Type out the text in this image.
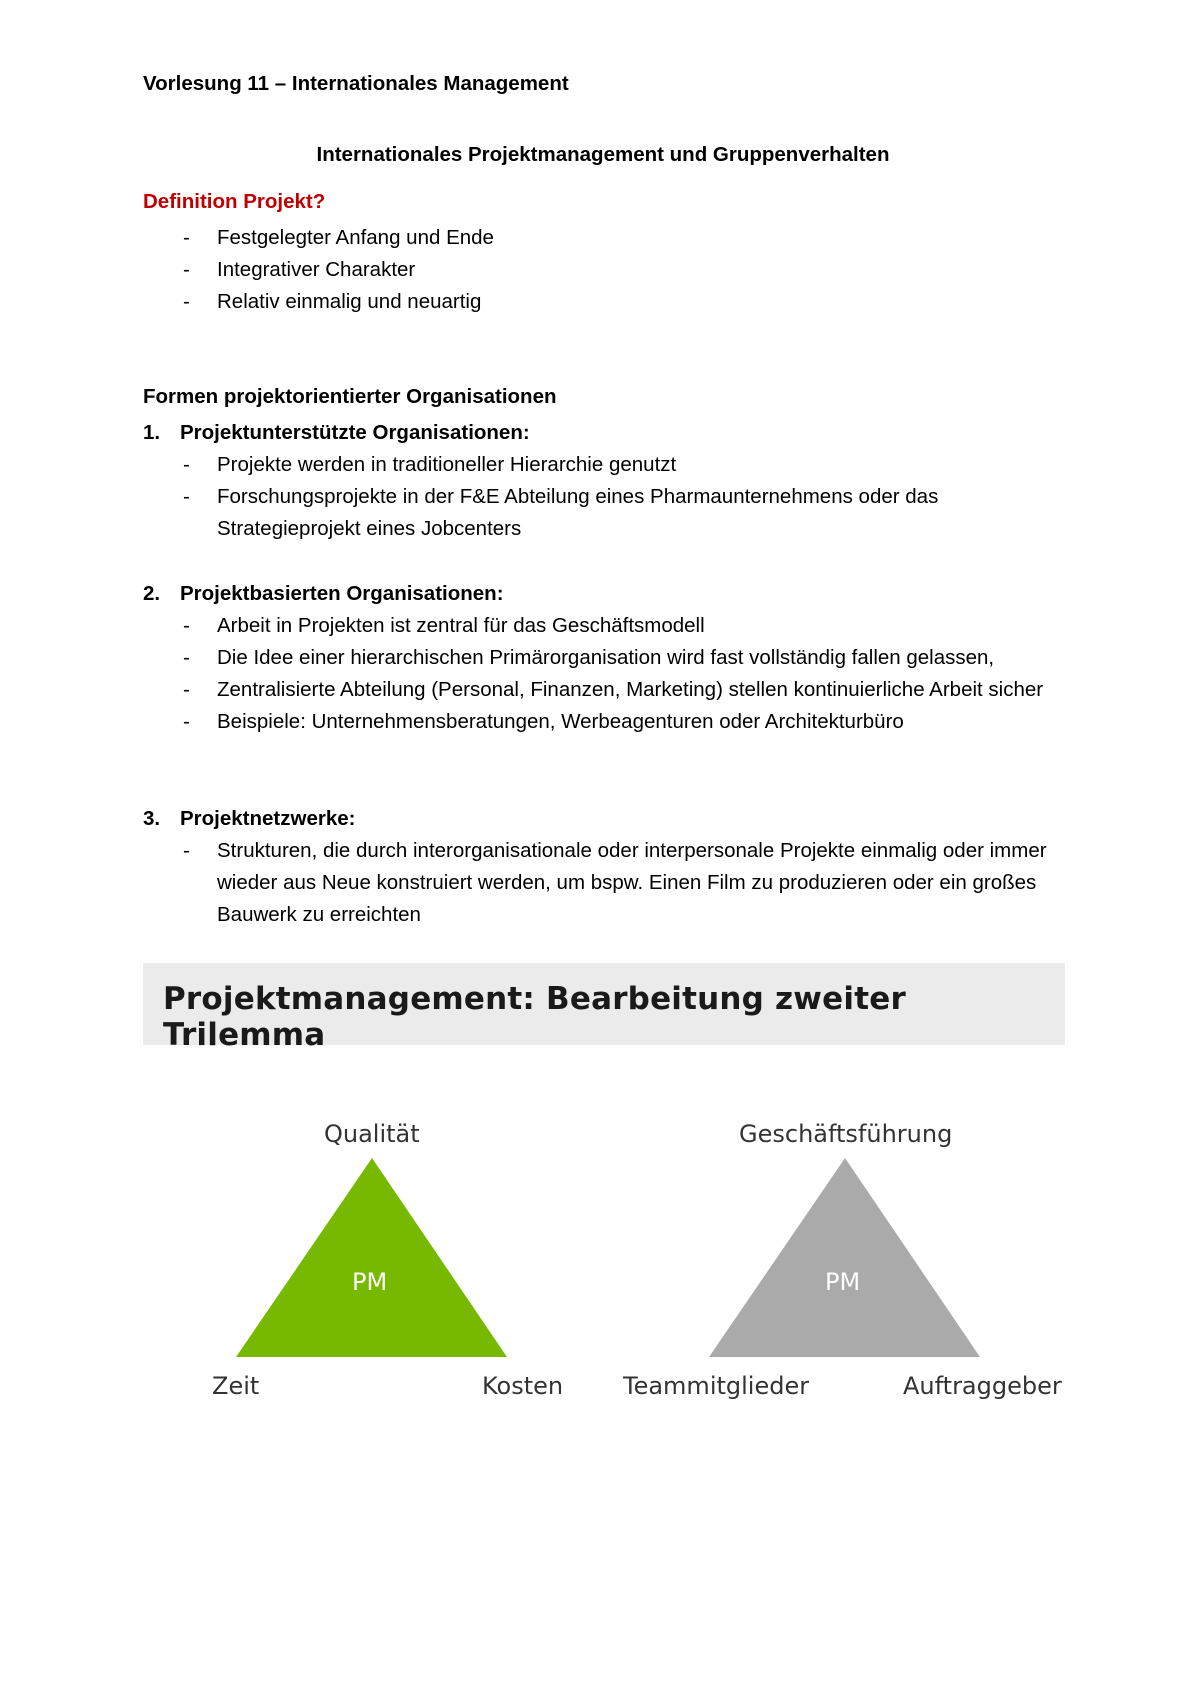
Vorlesung 11 – Internationales Management
Internationales Projektmanagement und Gruppenverhalten
Definition Projekt?
- Festgelegter Anfang und Ende
- Integrativer Charakter
- Relativ einmalig und neuartig
Formen projektorientierter Organisationen
1. Projektunterstützte Organisationen:
- Projekte werden in traditioneller Hierarchie genutzt
- Forschungsprojekte in der F&E Abteilung eines Pharmaunternehmens oder das Strategieprojekt eines Jobcenters
2. Projektbasierten Organisationen:
- Arbeit in Projekten ist zentral für das Geschäftsmodell
- Die Idee einer hierarchischen Primärorganisation wird fast vollständig fallen gelassen,
- Zentralisierte Abteilung (Personal, Finanzen, Marketing) stellen kontinuierliche Arbeit sicher
- Beispiele: Unternehmensberatungen, Werbeagenturen oder Architekturbüro
3. Projektnetzwerke:
- Strukturen, die durch interorganisationale oder interpersonale Projekte einmalig oder immer wieder aus Neue konstruiert werden, um bspw. Einen Film zu produzieren oder ein großes Bauwerk zu erreichten
Projektmanagement: Bearbeitung zweiter Trilemma
Qualität
PM
Zeit	Kosten
Geschäftsführung
PM
Teammitglieder	Auftraggeber
